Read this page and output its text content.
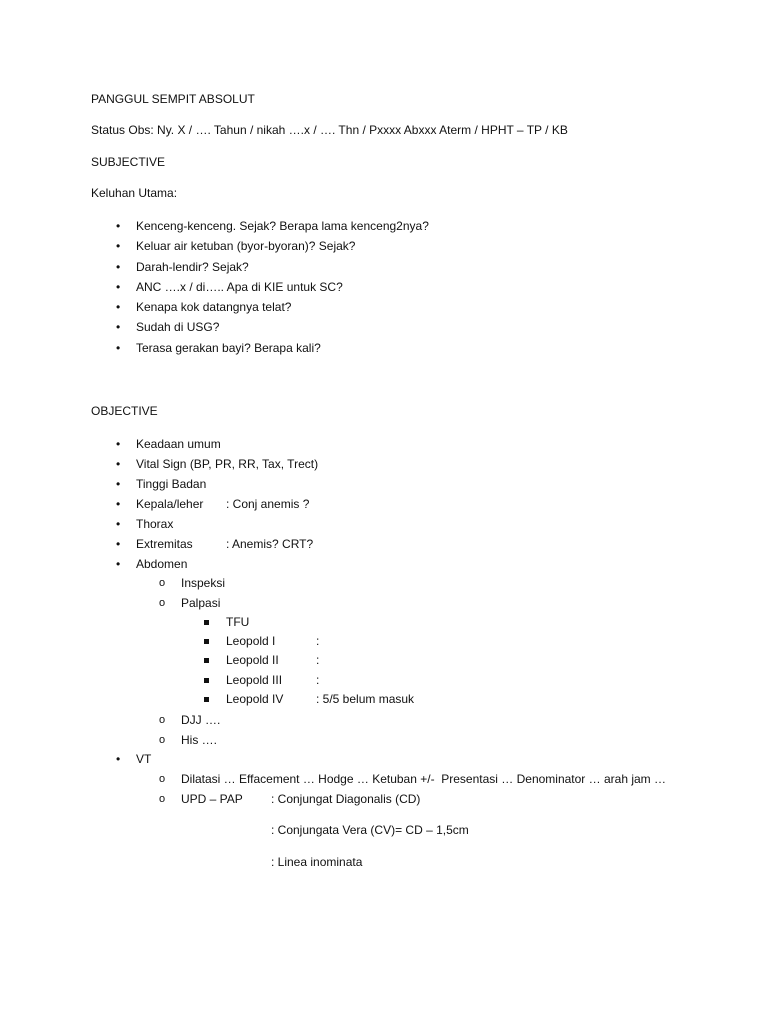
PANGGUL SEMPIT ABSOLUT
Status Obs: Ny. X / …. Tahun / nikah ….x / …. Thn / Pxxxx Abxxx Aterm / HPHT – TP / KB
SUBJECTIVE
Keluhan Utama:
• Kenceng-kenceng. Sejak? Berapa lama kenceng2nya?
• Keluar air ketuban (byor-byoran)? Sejak?
• Darah-lendir? Sejak?
• ANC ….x / di….. Apa di KIE untuk SC?
• Kenapa kok datangnya telat?
• Sudah di USG?
• Terasa gerakan bayi? Berapa kali?
OBJECTIVE
• Keadaan umum
• Vital Sign (BP, PR, RR, Tax, Trect)
• Tinggi Badan
• Kepala/leher : Conj anemis ?
• Thorax
• Extremitas	: Anemis? CRT?
• Abdomen
o Inspeksi
o Palpasi
TFU
Leopold I	:
Leopold II	:
Leopold III	:
Leopold IV	: 5/5 belum masuk
o DJJ ….
o His ….
• VT
o Dilatasi … Effacement … Hodge … Ketuban +/-  Presentasi … Denominator … arah jam …
o UPD – PAP : Conjungat Diagonalis (CD)
: Conjungata Vera (CV)= CD – 1,5cm
: Linea inominata
